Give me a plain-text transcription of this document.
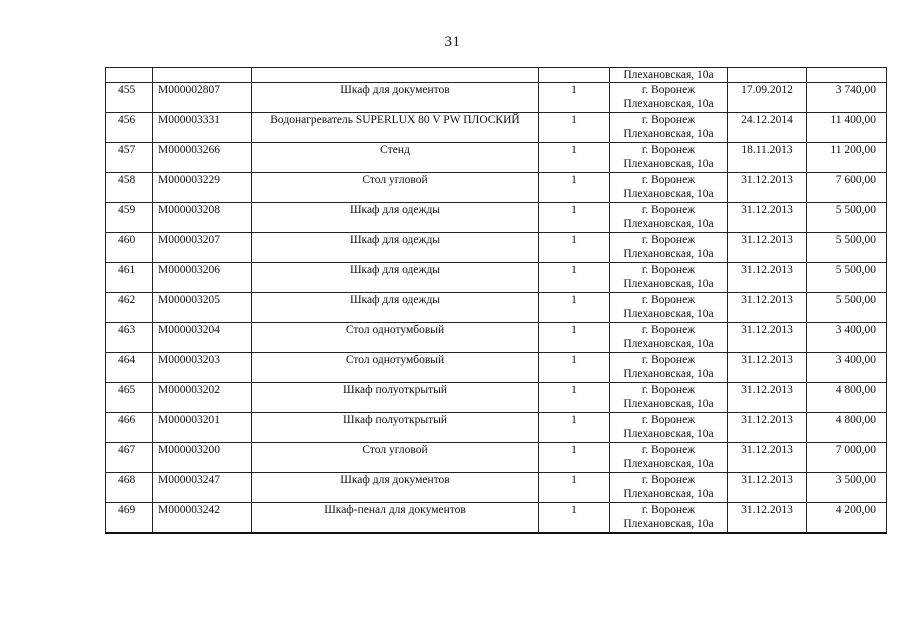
31
				Плехановская, 10а		
455	М000002807	Шкаф для документов	1	г. Воронеж
Плехановская, 10а	17.09.2012	3 740,00
456	М000003331	Водонагреватель SUPERLUX 80 V PW ПЛОСКИЙ	1	г. Воронеж
Плехановская, 10а	24.12.2014	11 400,00
457	М000003266	Стенд	1	г. Воронеж
Плехановская, 10а	18.11.2013	11 200,00
458	М000003229	Стол угловой	1	г. Воронеж
Плехановская, 10а	31.12.2013	7 600,00
459	М000003208	Шкаф для одежды	1	г. Воронеж
Плехановская, 10а	31.12.2013	5 500,00
460	М000003207	Шкаф для одежды	1	г. Воронеж
Плехановская, 10а	31.12.2013	5 500,00
461	М000003206	Шкаф для одежды	1	г. Воронеж
Плехановская, 10а	31.12.2013	5 500,00
462	М000003205	Шкаф для одежды	1	г. Воронеж
Плехановская, 10а	31.12.2013	5 500,00
463	М000003204	Стол однотумбовый	1	г. Воронеж
Плехановская, 10а	31.12.2013	3 400,00
464	М000003203	Стол однотумбовый	1	г. Воронеж
Плехановская, 10а	31.12.2013	3 400,00
465	М000003202	Шкаф полуоткрытый	1	г. Воронеж
Плехановская, 10а	31.12.2013	4 800,00
466	М000003201	Шкаф полуоткрытый	1	г. Воронеж
Плехановская, 10а	31.12.2013	4 800,00
467	М000003200	Стол угловой	1	г. Воронеж
Плехановская, 10а	31.12.2013	7 000,00
468	М000003247	Шкаф для документов	1	г. Воронеж
Плехановская, 10а	31.12.2013	3 500,00
469	М000003242	Шкаф-пенал для документов	1	г. Воронеж
Плехановская, 10а	31.12.2013	4 200,00
